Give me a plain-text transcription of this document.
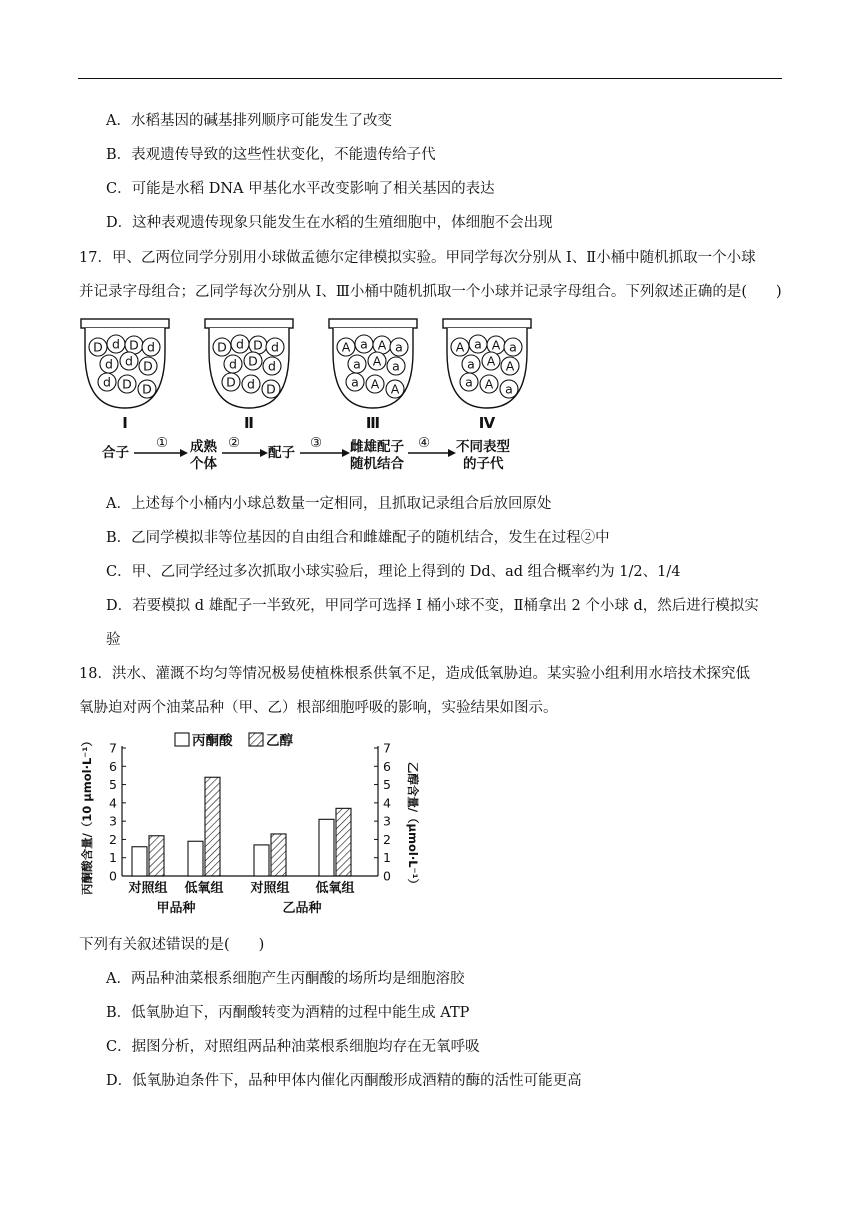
A．水稻基因的碱基排列顺序可能发生了改变
B．表观遗传导致的这些性状变化，不能遗传给子代
C．可能是水稻 DNA 甲基化水平改变影响了相关基因的表达
D．这种表观遗传现象只能发生在水稻的生殖细胞中，体细胞不会出现
17．甲、乙两位同学分别用小球做孟德尔定律模拟实验。甲同学每次分别从 I、Ⅱ小桶中随机抓取一个小球
并记录字母组合；乙同学每次分别从 I、Ⅲ小桶中随机抓取一个小球并记录字母组合。下列叙述正确的是(　　)
D d D d
d d D
d D D
Ⅰ
D d D d
d D d
D d D
Ⅱ
A a A a
a A a
a A A
Ⅲ
A a A a
a A A
a A a
Ⅳ
合子
① 成熟
个体
②
配子
③ 雌雄配子
随机结合
④ 不同表型
的子代
A．上述每个小桶内小球总数量一定相同，且抓取记录组合后放回原处
B．乙同学模拟非等位基因的自由组合和雌雄配子的随机结合，发生在过程②中
C．甲、乙同学经过多次抓取小球实验后，理论上得到的 Dd、ad 组合概率约为 1/2、1/4
D．若要模拟 d 雄配子一半致死，甲同学可选择 I 桶小球不变，Ⅱ桶拿出 2 个小球 d，然后进行模拟实
验
18．洪水、灌溉不均匀等情况极易使植株根系供氧不足，造成低氧胁迫。某实验小组利用水培技术探究低
氧胁迫对两个油菜品种（甲、乙）根部细胞呼吸的影响，实验结果如图示。
丙酮酸 乙醇
丙酮酸含量/（10 μmol·L⁻¹）	乙醇含量/（μmol·L⁻¹）
0	0
1	1
2	2
3	3
4	4
5	5
6	6
7	7
对照组 低氧组 对照组 低氧组
甲品种	乙品种
下列有关叙述错误的是(　　)
A．两品种油菜根系细胞产生丙酮酸的场所均是细胞溶胶
B．低氧胁迫下，丙酮酸转变为酒精的过程中能生成 ATP
C．据图分析，对照组两品种油菜根系细胞均存在无氧呼吸
D．低氧胁迫条件下，品种甲体内催化丙酮酸形成酒精的酶的活性可能更高
